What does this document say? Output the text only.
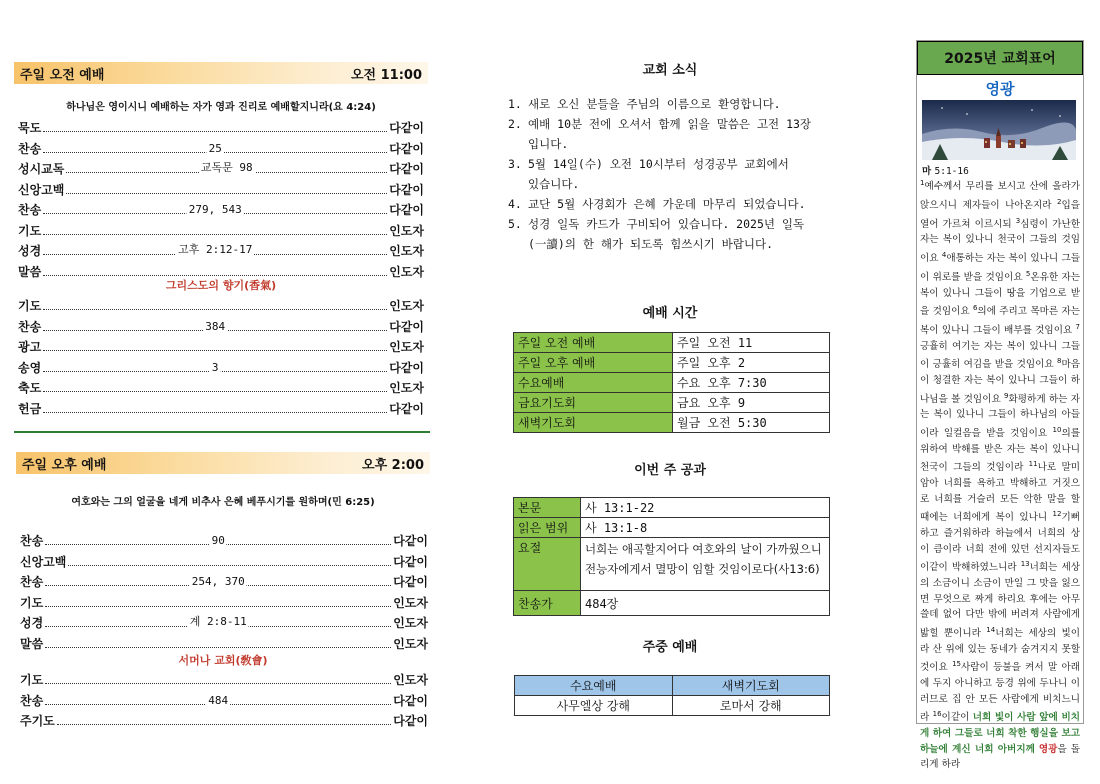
주일 오전 예배	오전 11:00
하나님은 영이시니 예배하는 자가 영과 진리로 예배할지니라(요 4:24)
묵도	다같이
찬송	25	다같이
성시교독	교독문 98	다같이
신앙고백	다같이
찬송	279, 543	다같이
기도	인도자
성경	고후 2:12-17	인도자
말씀	인도자
그리스도의 향기(香氣)
기도	인도자
찬송	384	다같이
광고	인도자
송영	3	다같이
축도	인도자
헌금	다같이
주일 오후 예배	오후 2:00
여호와는 그의 얼굴을 네게 비추사 은혜 베푸시기를 원하며(민 6:25)
찬송	90	다같이
신앙고백	다같이
찬송	254, 370	다같이
기도	인도자
성경	계 2:8-11	인도자
말씀	인도자
서머나 교회(敎會)
기도	인도자
찬송	484	다같이
주기도	다같이
교회 소식
1. 새로 오신 분들을 주님의 이름으로 환영합니다.
2. 예배 10분 전에 오셔서 함께 읽을 말씀은 고전 13장
입니다.
3. 5월 14일(수) 오전 10시부터 성경공부 교회에서
있습니다.
4. 교단 5월 사경회가 은혜 가운데 마무리 되었습니다.
5. 성경 일독 카드가 구비되어 있습니다. 2025년 일독
(一讀)의 한 해가 되도록 힘쓰시기 바랍니다.
예배 시간
주일 오전 예배	주일 오전 11
주일 오후 예배	주일 오후 2
수요예배	수요 오후 7:30
금요기도회	금요 오후 9
새벽기도회	월금 오전 5:30
이번 주 공과
본문	사 13:1-22
읽은 범위	사 13:1-8
요절	너희는 애곡할지어다 여호와의 날이 가까웠으니
전능자에게서 멸망이 임할 것임이로다(사13:6)

찬송가	484장
주중 예배
수요예배	새벽기도회
사무엘상 강해	로마서 강해
2025년 교회표어
영광
마 5:1-16
$^1$예수께서 무리를 보시고 산에 올라가 앉으시니 제자들이 나아온지라 $^2$입을 열어 가르쳐 이르시되 $^3$심령이 가난한 자는 복이 있나니 천국이 그들의 것임이요 $^4$애통하는 자는 복이 있나니 그들이 위로를 받을 것임이요 $^5$온유한 자는 복이 있나니 그들이 땅을 기업으로 받을 것임이요 $^6$의에 주리고 목마른 자는 복이 있나니 그들이 배부를 것임이요 $^7$긍휼히 여기는 자는 복이 있나니 그들이 긍휼히 여김을 받을 것임이요 $^8$마음이 청결한 자는 복이 있나니 그들이 하나님을 볼 것임이요 $^9$화평하게 하는 자는 복이 있나니 그들이 하나님의 아들이라 일컬음을 받을 것임이요 $^{10}$의를 위하여 박해를 받은 자는 복이 있나니 천국이 그들의 것임이라 $^{11}$나로 말미암아 너희를 욕하고 박해하고 거짓으로 너희를 거슬러 모든 악한 말을 할 때에는 너희에게 복이 있나니 $^{12}$기뻐하고 즐거워하라 하늘에서 너희의 상이 큼이라 너희 전에 있던 선지자들도 이같이 박해하였느니라 $^{13}$너희는 세상의 소금이니 소금이 만일 그 맛을 잃으면 무엇으로 짜게 하리요 후에는 아무 쓸데 없어 다만 밖에 버려져 사람에게 밟힐 뿐이니라 $^{14}$너희는 세상의 빛이라 산 위에 있는 동네가 숨겨지지 못할 것이요 $^{15}$사람이 등불을 켜서 말 아래에 두지 아니하고 등경 위에 두나니 이러므로 집 안 모든 사람에게 비치느니라 $^{16}$이같이 너희 빛이 사람 앞에 비치게 하여 그들로 너희 착한 행실을 보고 하늘에 계신 너희 아버지께 영광을 돌리게 하라
